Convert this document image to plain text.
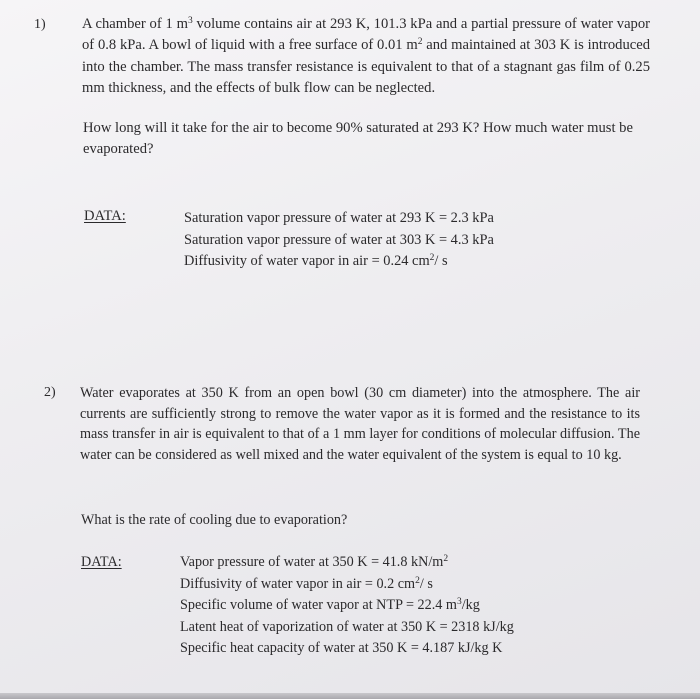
1) A chamber of 1 $m^3$ volume contains air at 293 K, 101.3 kPa and a partial pressure of water vapor of 0.8 kPa. A bowl of liquid with a free surface of 0.01 $m^2$ and maintained at 303 K is introduced into the chamber. The mass transfer resistance is equivalent to that of a stagnant gas film of 0.25 mm thickness, and the effects of bulk flow can be neglected.
How long will it take for the air to become 90% saturated at 293 K? How much water must be evaporated?
DATA:	Saturation vapor pressure of water at 293 K = 2.3 kPa
Saturation vapor pressure of water at 303 K = 4.3 kPa
Diffusivity of water vapor in air = 0.24 $cm^2/$ s
2) Water evaporates at 350 K from an open bowl (30 cm diameter) into the atmosphere. The air currents are sufficiently strong to remove the water vapor as it is formed and the resistance to its mass transfer in air is equivalent to that of a 1 mm layer for conditions of molecular diffusion. The water can be considered as well mixed and the water equivalent of the system is equal to 10 kg.
What is the rate of cooling due to evaporation?
DATA:	Vapor pressure of water at 350 K = 41.8 $kN/m^2$
Diffusivity of water vapor in air = 0.2 $cm^2/$ s
Specific volume of water vapor at NTP = 22.4 $m^3/kg$
Latent heat of vaporization of water at 350 K = 2318 kJ/kg
Specific heat capacity of water at 350 K = 4.187 kJ/kg K
